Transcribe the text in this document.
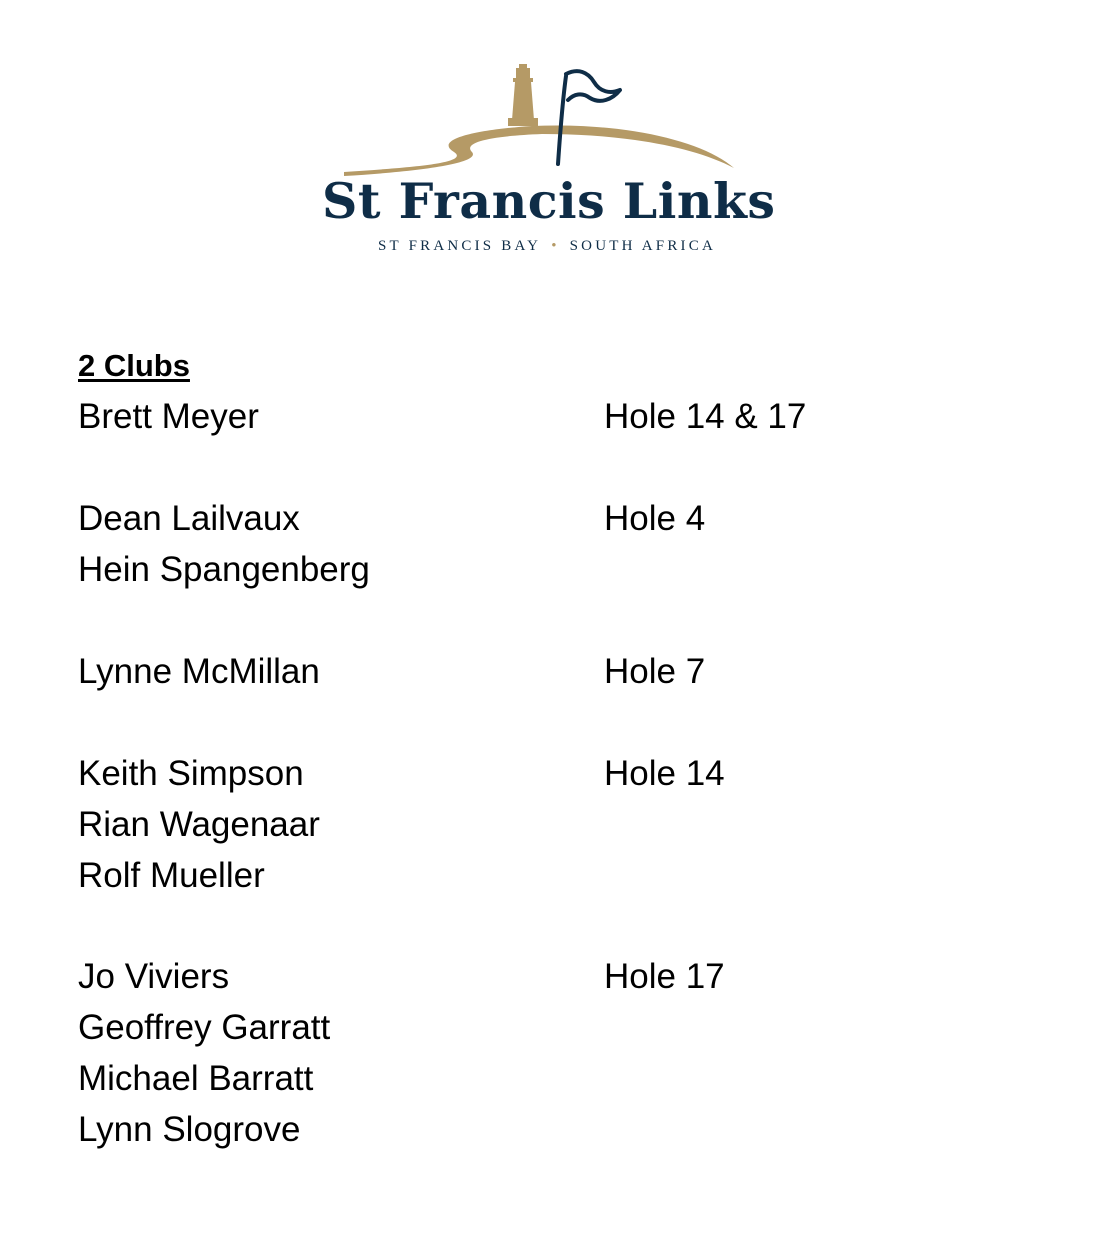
St Francis Links
ST FRANCIS BAY • SOUTH AFRICA
2 Clubs
Brett Meyer	Hole 14 & 17
Dean Lailvaux	Hole 4
Hein Spangenberg
Lynne McMillan	Hole 7
Keith Simpson	Hole 14
Rian Wagenaar
Rolf Mueller
Jo Viviers	Hole 17
Geoffrey Garratt
Michael Barratt
Lynn Slogrove
